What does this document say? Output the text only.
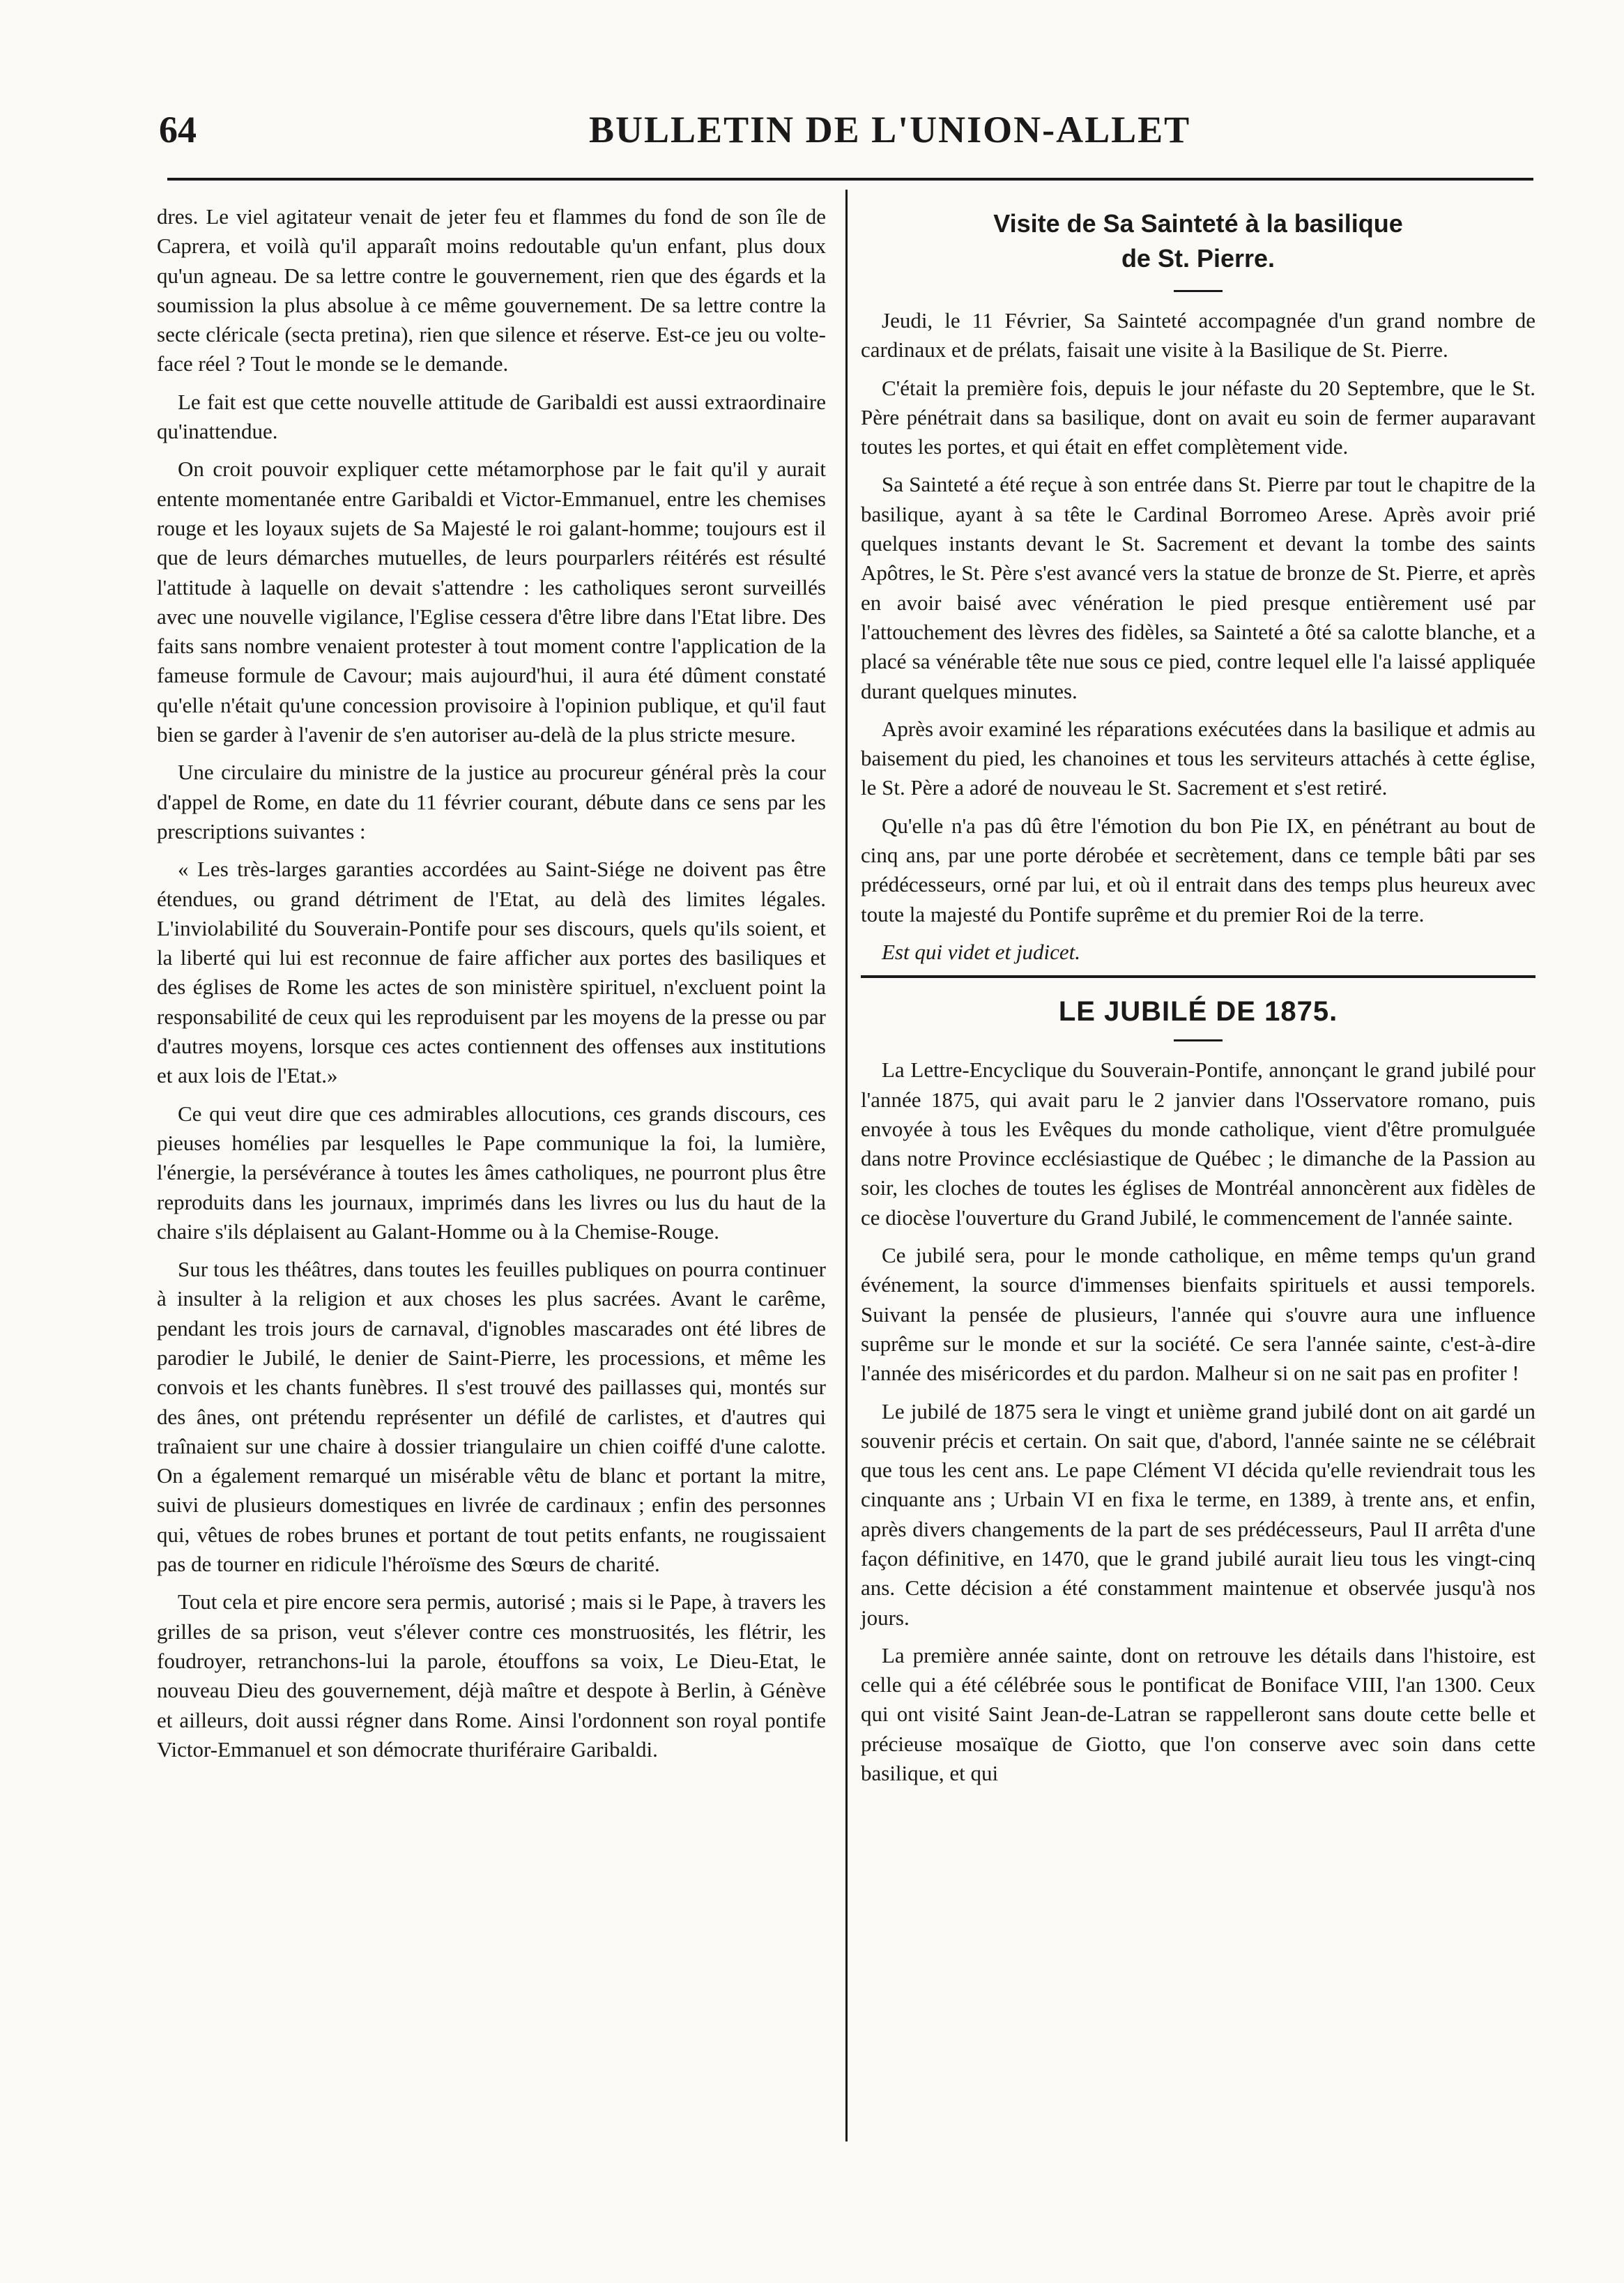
64	BULLETIN DE L'UNION-ALLET

dres. Le viel agitateur venait de jeter feu et flammes du fond de son île de Caprera, et voilà qu'il apparaît moins redoutable qu'un enfant, plus doux qu'un agneau. De sa lettre contre le gouvernement, rien que des égards et la soumission la plus absolue à ce même gouvernement. De sa lettre contre la secte cléricale (secta pretina), rien que silence et réserve. Est-ce jeu ou volte-face réel ? Tout le monde se le demande.

Le fait est que cette nouvelle attitude de Garibaldi est aussi extraordinaire qu'inattendue.

On croit pouvoir expliquer cette métamorphose par le fait qu'il y aurait entente momentanée entre Garibaldi et Victor-Emmanuel, entre les chemises rouge et les loyaux sujets de Sa Majesté le roi galant-homme; toujours est il que de leurs démarches mutuelles, de leurs pourparlers réitérés est résulté l'attitude à laquelle on devait s'attendre : les catholiques seront surveillés avec une nouvelle vigilance, l'Eglise cessera d'être libre dans l'Etat libre. Des faits sans nombre venaient protester à tout moment contre l'application de la fameuse formule de Cavour; mais aujourd'hui, il aura été dûment constaté qu'elle n'était qu'une concession provisoire à l'opinion publique, et qu'il faut bien se garder à l'avenir de s'en autoriser au-delà de la plus stricte mesure.

Une circulaire du ministre de la justice au procureur général près la cour d'appel de Rome, en date du 11 février courant, débute dans ce sens par les prescriptions suivantes :

« Les très-larges garanties accordées au Saint-Siége ne doivent pas être étendues, ou grand détriment de l'Etat, au delà des limites légales. L'inviolabilité du Souverain-Pontife pour ses discours, quels qu'ils soient, et la liberté qui lui est reconnue de faire afficher aux portes des basiliques et des églises de Rome les actes de son ministère spirituel, n'excluent point la responsabilité de ceux qui les reproduisent par les moyens de la presse ou par d'autres moyens, lorsque ces actes contiennent des offenses aux institutions et aux lois de l'Etat.»

Ce qui veut dire que ces admirables allocutions, ces grands discours, ces pieuses homélies par lesquelles le Pape communique la foi, la lumière, l'énergie, la persévérance à toutes les âmes catholiques, ne pourront plus être reproduits dans les journaux, imprimés dans les livres ou lus du haut de la chaire s'ils déplaisent au Galant-Homme ou à la Chemise-Rouge.

Sur tous les théâtres, dans toutes les feuilles publiques on pourra continuer à insulter à la religion et aux choses les plus sacrées. Avant le carême, pendant les trois jours de carnaval, d'ignobles mascarades ont été libres de parodier le Jubilé, le denier de Saint-Pierre, les processions, et même les convois et les chants funèbres. Il s'est trouvé des paillasses qui, montés sur des ânes, ont prétendu représenter un défilé de carlistes, et d'autres qui traînaient sur une chaire à dossier triangulaire un chien coiffé d'une calotte. On a également remarqué un misérable vêtu de blanc et portant la mitre, suivi de plusieurs domestiques en livrée de cardinaux ; enfin des personnes qui, vêtues de robes brunes et portant de tout petits enfants, ne rougissaient pas de tourner en ridicule l'héroïsme des Sœurs de charité.

Tout cela et pire encore sera permis, autorisé ; mais si le Pape, à travers les grilles de sa prison, veut s'élever contre ces monstruosités, les flétrir, les foudroyer, retranchons-lui la parole, étouffons sa voix, Le Dieu-Etat, le nouveau Dieu des gouvernement, déjà maître et despote à Berlin, à Génève et ailleurs, doit aussi régner dans Rome. Ainsi l'ordonnent son royal pontife Victor-Emmanuel et son démocrate thuriféraire Garibaldi.

Visite de Sa Sainteté à la basilique
de St. Pierre.

Jeudi, le 11 Février, Sa Sainteté accompagnée d'un grand nombre de cardinaux et de prélats, faisait une visite à la Basilique de St. Pierre.

C'était la première fois, depuis le jour néfaste du 20 Septembre, que le St. Père pénétrait dans sa basilique, dont on avait eu soin de fermer auparavant toutes les portes, et qui était en effet complètement vide.

Sa Sainteté a été reçue à son entrée dans St. Pierre par tout le chapitre de la basilique, ayant à sa tête le Cardinal Borromeo Arese. Après avoir prié quelques instants devant le St. Sacrement et devant la tombe des saints Apôtres, le St. Père s'est avancé vers la statue de bronze de St. Pierre, et après en avoir baisé avec vénération le pied presque entièrement usé par l'attouchement des lèvres des fidèles, sa Sainteté a ôté sa calotte blanche, et a placé sa vénérable tête nue sous ce pied, contre lequel elle l'a laissé appliquée durant quelques minutes.

Après avoir examiné les réparations exécutées dans la basilique et admis au baisement du pied, les chanoines et tous les serviteurs attachés à cette église, le St. Père a adoré de nouveau le St. Sacrement et s'est retiré.

Qu'elle n'a pas dû être l'émotion du bon Pie IX, en pénétrant au bout de cinq ans, par une porte dérobée et secrètement, dans ce temple bâti par ses prédécesseurs, orné par lui, et où il entrait dans des temps plus heureux avec toute la majesté du Pontife suprême et du premier Roi de la terre.

Est qui videt et judicet.

LE JUBILÉ DE 1875.

La Lettre-Encyclique du Souverain-Pontife, annonçant le grand jubilé pour l'année 1875, qui avait paru le 2 janvier dans l'Osservatore romano, puis envoyée à tous les Evêques du monde catholique, vient d'être promulguée dans notre Province ecclésiastique de Québec ; le dimanche de la Passion au soir, les cloches de toutes les églises de Montréal annoncèrent aux fidèles de ce diocèse l'ouverture du Grand Jubilé, le commencement de l'année sainte.

Ce jubilé sera, pour le monde catholique, en même temps qu'un grand événement, la source d'immenses bienfaits spirituels et aussi temporels. Suivant la pensée de plusieurs, l'année qui s'ouvre aura une influence suprême sur le monde et sur la société. Ce sera l'année sainte, c'est-à-dire l'année des miséricordes et du pardon. Malheur si on ne sait pas en profiter !

Le jubilé de 1875 sera le vingt et unième grand jubilé dont on ait gardé un souvenir précis et certain. On sait que, d'abord, l'année sainte ne se célébrait que tous les cent ans. Le pape Clément VI décida qu'elle reviendrait tous les cinquante ans ; Urbain VI en fixa le terme, en 1389, à trente ans, et enfin, après divers changements de la part de ses prédécesseurs, Paul II arrêta d'une façon définitive, en 1470, que le grand jubilé aurait lieu tous les vingt-cinq ans. Cette décision a été constamment maintenue et observée jusqu'à nos jours.

La première année sainte, dont on retrouve les détails dans l'histoire, est celle qui a été célébrée sous le pontificat de Boniface VIII, l'an 1300. Ceux qui ont visité Saint Jean-de-Latran se rappelleront sans doute cette belle et précieuse mosaïque de Giotto, que l'on conserve avec soin dans cette basilique, et qui
